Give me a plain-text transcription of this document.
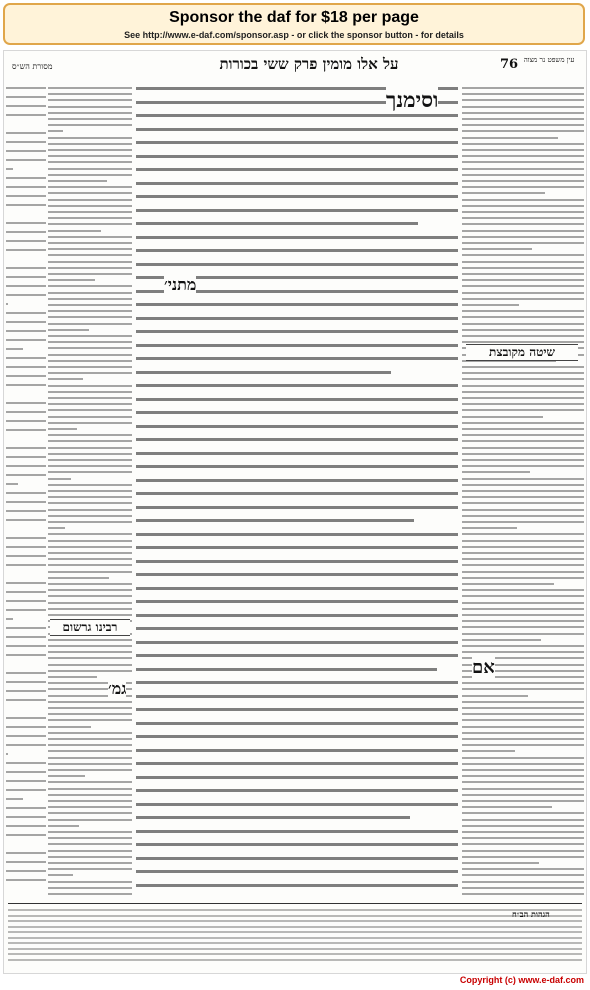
Sponsor the daf for $18 per page
See http://www.e-daf.com/sponsor.asp - or click the sponsor button - for details
מסורת הש״ס	על אלו מומין פרק ששי בכורות	76 עין משפט נר מצוה
וסימנך
מתני׳
אם
גמ׳
שיטה מקובצת
רבינו גרשום
הגהות הב״ח
Copyright (c) www.e-daf.com
